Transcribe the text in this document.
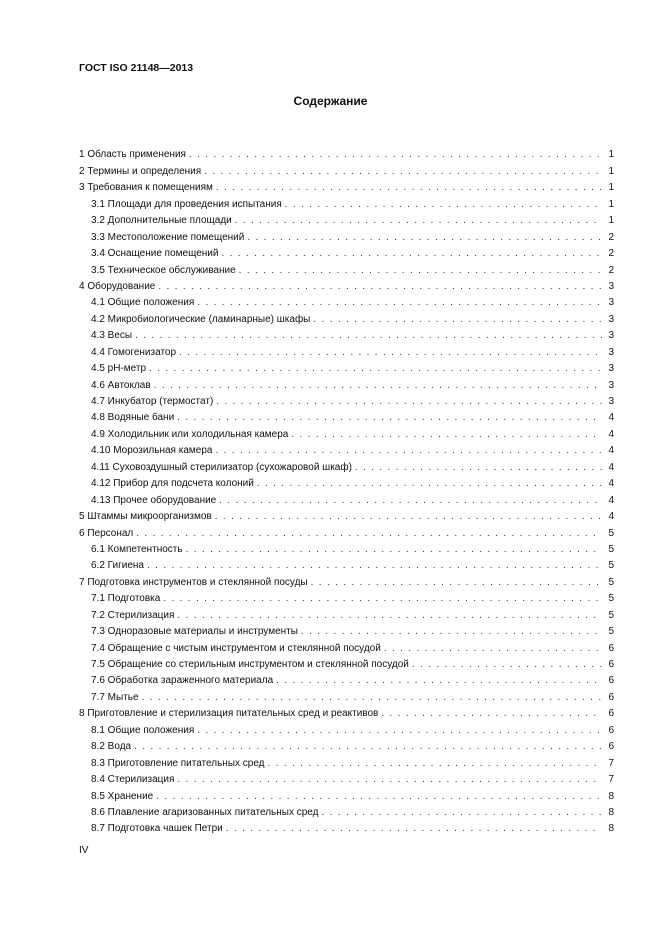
ГОСТ ISO 21148—2013
Содержание
1 Область применения . . .	1
2 Термины и определения . . .	1
3 Требования к помещениям . . .	1
3.1 Площади для проведения испытания . . .	1
3.2 Дополнительные площади . . .	1
3.3 Местоположение помещений . . .	2
3.4 Оснащение помещений . . .	2
3.5 Техническое обслуживание . . .	2
4 Оборудование . . .	3
4.1 Общие положения . . .	3
4.2 Микробиологические (ламинарные) шкафы . . .	3
4.3 Весы . . .	3
4.4 Гомогенизатор . . .	3
4.5 рН-метр . . .	3
4.6 Автоклав . . .	3
4.7 Инкубатор (термостат) . . .	3
4.8 Водяные бани . . .	4
4.9 Холодильник или холодильная камера . . .	4
4.10 Морозильная камера . . .	4
4.11 Суховоздушный стерилизатор (сухожаровой шкаф) . . .	4
4.12 Прибор для подсчета колоний . . .	4
4.13 Прочее оборудование . . .	4
5 Штаммы микроорганизмов . . .	4
6 Персонал . . .	5
6.1 Компетентность . . .	5
6.2 Гигиена . . .	5
7 Подготовка инструментов и стеклянной посуды . . .	5
7.1 Подготовка . . .	5
7.2 Стерилизация . . .	5
7.3 Одноразовые материалы и инструменты . . .	5
7.4 Обращение с чистым инструментом и стеклянной посудой . . .	6
7.5 Обращение со стерильным инструментом и стеклянной посудой . . .	6
7.6 Обработка зараженного материала . . .	6
7.7 Мытье . . .	6
8 Приготовление и стерилизация питательных сред и реактивов . . .	6
8.1 Общие положения . . .	6
8.2 Вода . . .	6
8.3 Приготовление питательных сред . . .	7
8.4 Стерилизация . . .	7
8.5 Хранение . . .	8
8.6 Плавление агаризованных питательных сред . . .	8
8.7 Подготовка чашек Петри . . .	8
IV
